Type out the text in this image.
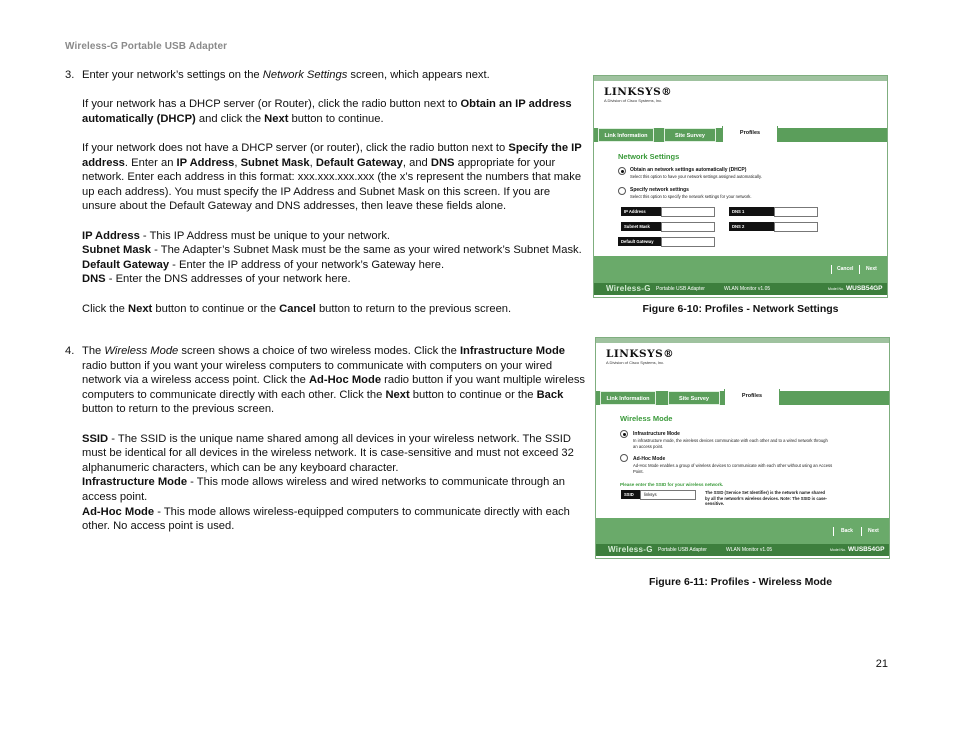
Wireless-G Portable USB Adapter
3. Enter your network’s settings on the Network Settings screen, which appears next.

If your network has a DHCP server (or Router), click the radio button next to Obtain an IP address automatically (DHCP) and click the Next button to continue.

If your network does not have a DHCP server (or router), click the radio button next to Specify the IP address. Enter an IP Address, Subnet Mask, Default Gateway, and DNS appropriate for your network. Enter each address in this format: xxx.xxx.xxx.xxx (the x’s represent the numbers that make up each address). You must specify the IP Address and Subnet Mask on this screen. If you are unsure about the Default Gateway and DNS addresses, then leave these fields alone.

IP Address - This IP Address must be unique to your network.

Subnet Mask - The Adapter’s Subnet Mask must be the same as your wired network’s Subnet Mask.

Default Gateway - Enter the IP address of your network’s Gateway here.

DNS - Enter the DNS addresses of your network here.

Click the Next button to continue or the Cancel button to return to the previous screen.

4. The Wireless Mode screen shows a choice of two wireless modes. Click the Infrastructure Mode radio button if you want your wireless computers to communicate with computers on your wired network via a wireless access point. Click the Ad-Hoc Mode radio button if you want multiple wireless computers to communicate directly with each other. Click the Next button to continue or the Back button to return to the previous screen.

SSID - The SSID is the unique name shared among all devices in your wireless network. The SSID must be identical for all devices in the wireless network. It is case-sensitive and must not exceed 32 alphanumeric characters, which can be any keyboard character.

Infrastructure Mode - This mode allows wireless and wired networks to communicate through an access point.

Ad-Hoc Mode - This mode allows wireless-equipped computers to communicate directly with each other. No access point is used.

LINKSYS®
A Division of Cisco Systems, Inc.
Link Information	Site Survey	Profiles
Network Settings
Obtain an network settings automatically (DHCP)
Select this option to have your network settings assigned automatically.
Specify network settings
Select this option to specify the network settings for your network.
IP Address
Subnet Mask
Default Gateway
DNS 1
DNS 2
Cancel	Next
Wireless-G Portable USB Adapter	WLAN Monitor v1.05	Model No. WUSB54GP
Figure 6-10: Profiles - Network Settings
LINKSYS®
A Division of Cisco Systems, Inc.
Link Information	Site Survey	Profiles
Wireless Mode
Infrastructure Mode
In infrastructure mode, the wireless devices communicate with each other and to a wired network through an access point.
Ad-Hoc Mode
Ad-Hoc Mode enables a group of wireless devices to communicate with each other without using an Access Point.
Please enter the SSID for your wireless network.
SSID	linksys	The SSID (Service Set Identifier) is the network name shared by all the network’s wireless devices. Note: The SSID is case-sensitive.
Back	Next
Wireless-G Portable USB Adapter	WLAN Monitor v1.05	Model No. WUSB54GP
Figure 6-11: Profiles - Wireless Mode
21
